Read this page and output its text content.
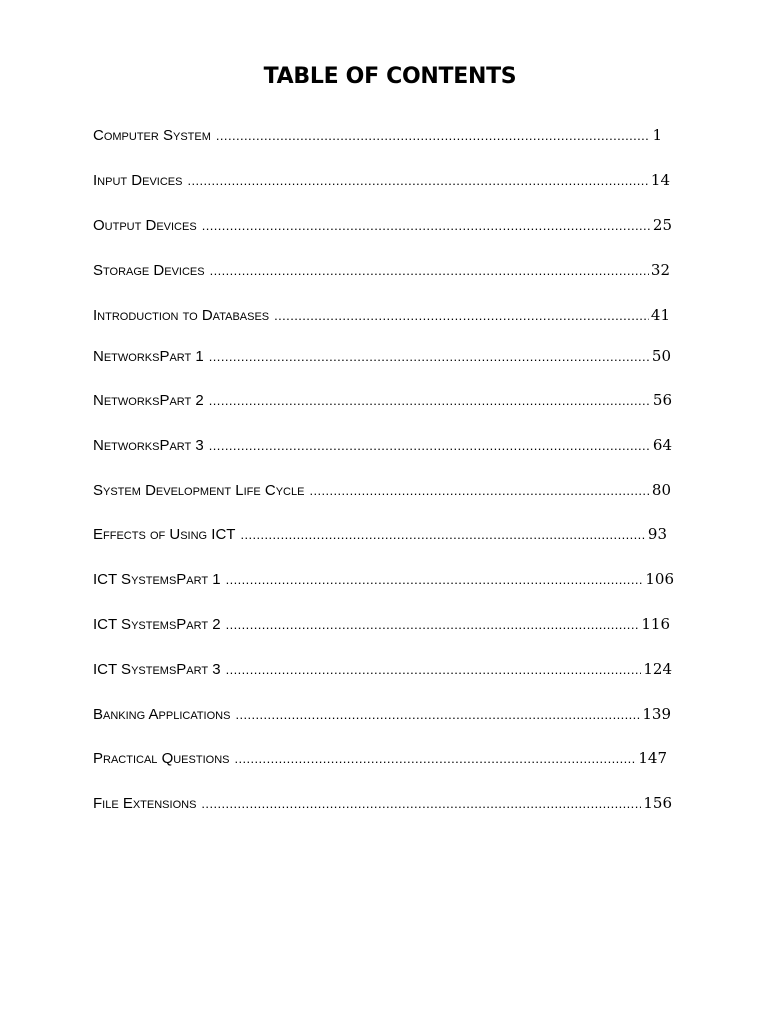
TABLE OF CONTENTS
Computer System .....	1
Input Devices .....	14
Output Devices .....	25
Storage Devices .....	32
Introduction to Databases .....	41
Networks Part 1 .....	50
Networks Part 2 .....	56
Networks Part 3 .....	64
System Development Life Cycle .....	80
Effects of Using ICT .....	93
ICT Systems Part 1 .....	106
ICT Systems Part 2 .....	116
ICT Systems Part 3 .....	124
Banking Applications .....	139
Practical Questions .....	147
File Extensions .....	156
